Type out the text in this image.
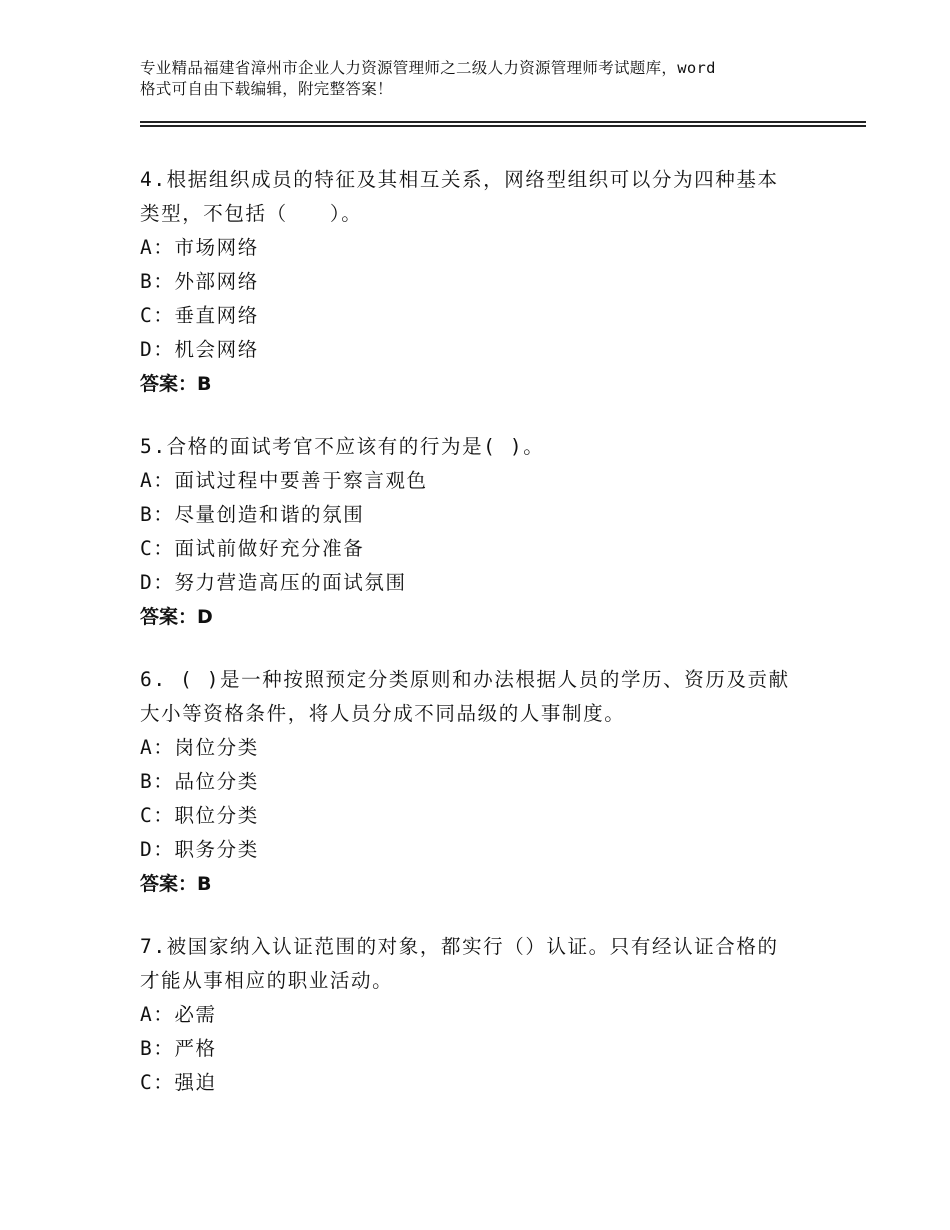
专业精品福建省漳州市企业人力资源管理师之二级人力资源管理师考试题库，word
格式可自由下载编辑，附完整答案！

4.根据组织成员的特征及其相互关系，网络型组织可以分为四种基本

类型，不包括（　　）。

A：市场网络

B：外部网络

C：垂直网络

D：机会网络

答案：B

5.合格的面试考官不应该有的行为是( )。

A：面试过程中要善于察言观色

B：尽量创造和谐的氛围

C：面试前做好充分准备

D：努力营造高压的面试氛围

答案：D

6. ( )是一种按照预定分类原则和办法根据人员的学历、资历及贡献

大小等资格条件，将人员分成不同品级的人事制度。

A：岗位分类

B：品位分类

C：职位分类

D：职务分类

答案：B

7.被国家纳入认证范围的对象，都实行（）认证。只有经认证合格的

才能从事相应的职业活动。

A：必需

B：严格

C：强迫
